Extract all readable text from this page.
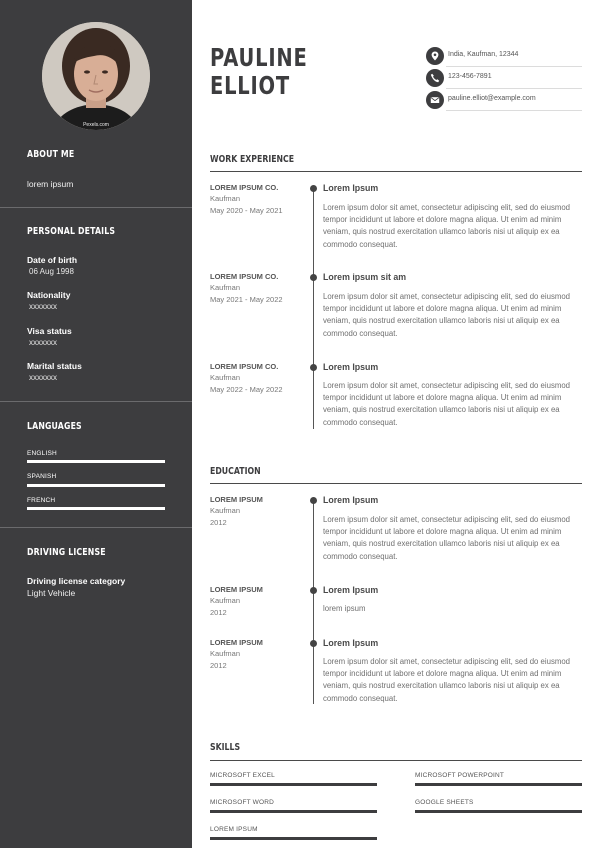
Pexels.com
ABOUT ME
lorem ipsum
PERSONAL DETAILS
Date of birth
06 Aug 1998
Nationality
xxxxxxx
Visa status
xxxxxxx
Marital status
xxxxxxx
LANGUAGES
ENGLISH
SPANISH
FRENCH
DRIVING LICENSE
Driving license category
Light Vehicle
PAULINE
ELLIOT
India, Kaufman, 12344
123-456-7891
pauline.elliot@example.com
WORK EXPERIENCE
LOREM IPSUM CO.
Kaufman
May 2020 - May 2021
Lorem Ipsum
Lorem ipsum dolor sit amet, consectetur adipiscing elit, sed do eiusmod tempor incididunt ut labore et dolore magna aliqua. Ut enim ad minim veniam, quis nostrud exercitation ullamco laboris nisi ut aliquip ex ea commodo consequat.
LOREM IPSUM CO.
Kaufman
May 2021 - May 2022
Lorem ipsum sit am
Lorem ipsum dolor sit amet, consectetur adipiscing elit, sed do eiusmod tempor incididunt ut labore et dolore magna aliqua. Ut enim ad minim veniam, quis nostrud exercitation ullamco laboris nisi ut aliquip ex ea commodo consequat.
LOREM IPSUM CO.
Kaufman
May 2022 - May 2022
Lorem Ipsum
Lorem ipsum dolor sit amet, consectetur adipiscing elit, sed do eiusmod tempor incididunt ut labore et dolore magna aliqua. Ut enim ad minim veniam, quis nostrud exercitation ullamco laboris nisi ut aliquip ex ea commodo consequat.
EDUCATION
LOREM IPSUM
Kaufman
2012
Lorem Ipsum
Lorem ipsum dolor sit amet, consectetur adipiscing elit, sed do eiusmod tempor incididunt ut labore et dolore magna aliqua. Ut enim ad minim veniam, quis nostrud exercitation ullamco laboris nisi ut aliquip ex ea commodo consequat.
LOREM IPSUM
Kaufman
2012
Lorem Ipsum
lorem ipsum
LOREM IPSUM
Kaufman
2012
Lorem Ipsum
Lorem ipsum dolor sit amet, consectetur adipiscing elit, sed do eiusmod tempor incididunt ut labore et dolore magna aliqua. Ut enim ad minim veniam, quis nostrud exercitation ullamco laboris nisi ut aliquip ex ea commodo consequat.
SKILLS
MICROSOFT EXCEL	MICROSOFT POWERPOINT
MICROSOFT WORD	GOOGLE SHEETS
LOREM IPSUM
